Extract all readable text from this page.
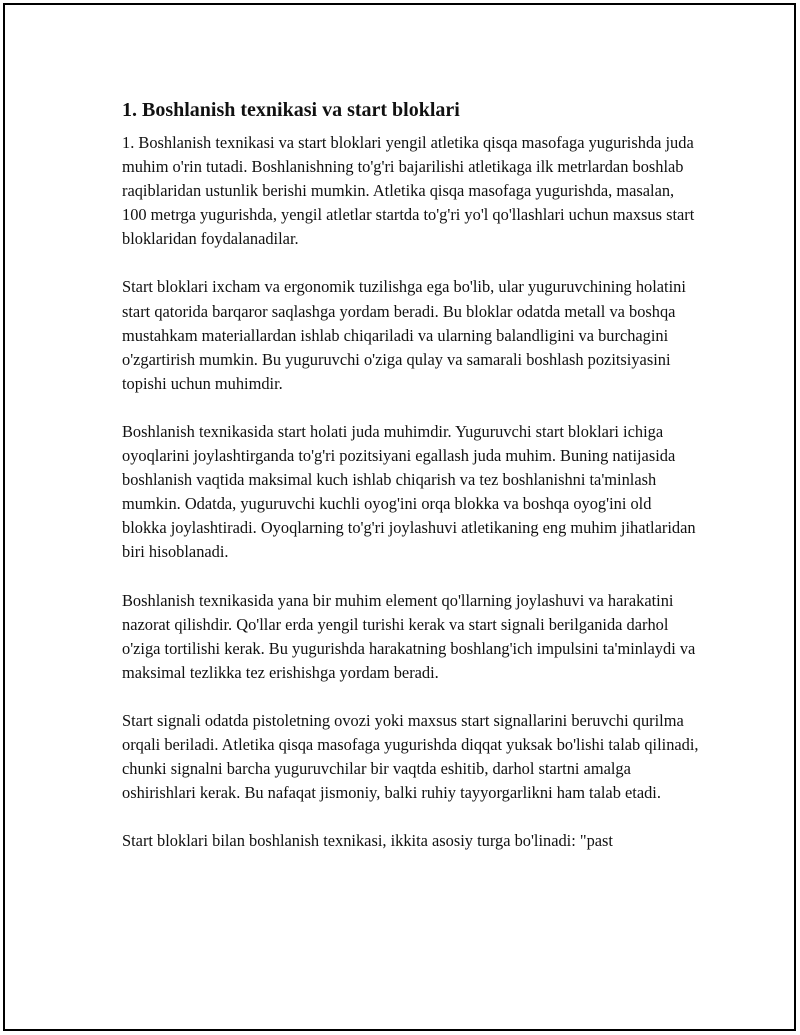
1. Boshlanish texnikasi va start bloklari

1. Boshlanish texnikasi va start bloklari yengil atletika qisqa masofaga yugurishda juda muhim o'rin tutadi. Boshlanishning to'g'ri bajarilishi atletikaga ilk metrlardan boshlab raqiblaridan ustunlik berishi mumkin. Atletika qisqa masofaga yugurishda, masalan, 100 metrga yugurishda, yengil atletlar startda to'g'ri yo'l qo'llashlari uchun maxsus start bloklaridan foydalanadilar.

Start bloklari ixcham va ergonomik tuzilishga ega bo'lib, ular yuguruvchining holatini start qatorida barqaror saqlashga yordam beradi. Bu bloklar odatda metall va boshqa mustahkam materiallardan ishlab chiqariladi va ularning balandligini va burchagini o'zgartirish mumkin. Bu yuguruvchi o'ziga qulay va samarali boshlash pozitsiyasini topishi uchun muhimdir.

Boshlanish texnikasida start holati juda muhimdir. Yuguruvchi start bloklari ichiga oyoqlarini joylashtirganda to'g'ri pozitsiyani egallash juda muhim. Buning natijasida boshlanish vaqtida maksimal kuch ishlab chiqarish va tez boshlanishni ta'minlash mumkin. Odatda, yuguruvchi kuchli oyog'ini orqa blokka va boshqa oyog'ini old blokka joylashtiradi. Oyoqlarning to'g'ri joylashuvi atletikaning eng muhim jihatlaridan biri hisoblanadi.

Boshlanish texnikasida yana bir muhim element qo'llarning joylashuvi va harakatini nazorat qilishdir. Qo'llar erda yengil turishi kerak va start signali berilganida darhol o'ziga tortilishi kerak. Bu yugurishda harakatning boshlang'ich impulsini ta'minlaydi va maksimal tezlikka tez erishishga yordam beradi.

Start signali odatda pistoletning ovozi yoki maxsus start signallarini beruvchi qurilma orqali beriladi. Atletika qisqa masofaga yugurishda diqqat yuksak bo'lishi talab qilinadi, chunki signalni barcha yuguruvchilar bir vaqtda eshitib, darhol startni amalga oshirishlari kerak. Bu nafaqat jismoniy, balki ruhiy tayyorgarlikni ham talab etadi.

Start bloklari bilan boshlanish texnikasi, ikkita asosiy turga bo'linadi: "past
